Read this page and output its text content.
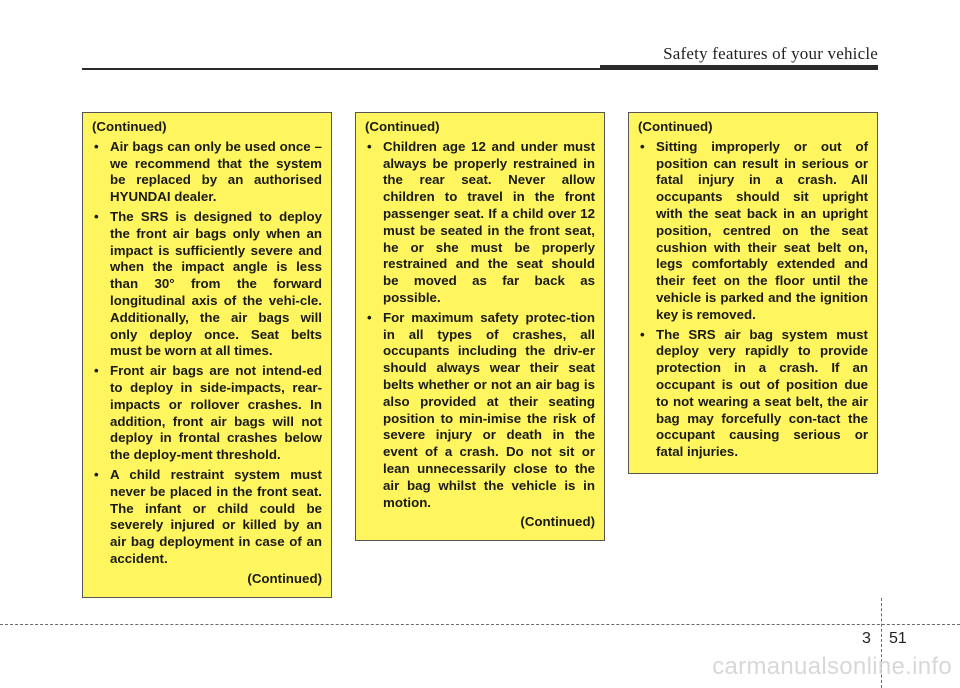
Safety features of your vehicle

(Continued)

• Air bags can only be used once – we recommend that the system be replaced by an authorised HYUNDAI dealer.

• The SRS is designed to deploy the front air bags only when an impact is sufficiently severe and when the impact angle is less than 30° from the forward longitudinal axis of the vehi-cle. Additionally, the air bags will only deploy once. Seat belts must be worn at all times.

• Front air bags are not intend-ed to deploy in side-impacts, rear-impacts or rollover crashes. In addition, front air bags will not deploy in frontal crashes below the deploy-ment threshold.

• A child restraint system must never be placed in the front seat. The infant or child could be severely injured or killed by an air bag deployment in case of an accident.

(Continued)

(Continued)

• Children age 12 and under must always be properly restrained in the rear seat. Never allow children to travel in the front passenger seat. If a child over 12 must be seated in the front seat, he or she must be properly restrained and the seat should be moved as far back as possible.

• For maximum safety protec-tion in all types of crashes, all occupants including the driv-er should always wear their seat belts whether or not an air bag is also provided at their seating position to min-imise the risk of severe injury or death in the event of a crash. Do not sit or lean unnecessarily close to the air bag whilst the vehicle is in motion.

(Continued)

(Continued)

• Sitting improperly or out of position can result in serious or fatal injury in a crash. All occupants should sit upright with the seat back in an upright position, centred on the seat cushion with their seat belt on, legs comfortably extended and their feet on the floor until the vehicle is parked and the ignition key is removed.

• The SRS air bag system must deploy very rapidly to provide protection in a crash. If an occupant is out of position due to not wearing a seat belt, the air bag may forcefully con-tact the occupant causing serious or fatal injuries.

3 51
carmanualsonline.info
